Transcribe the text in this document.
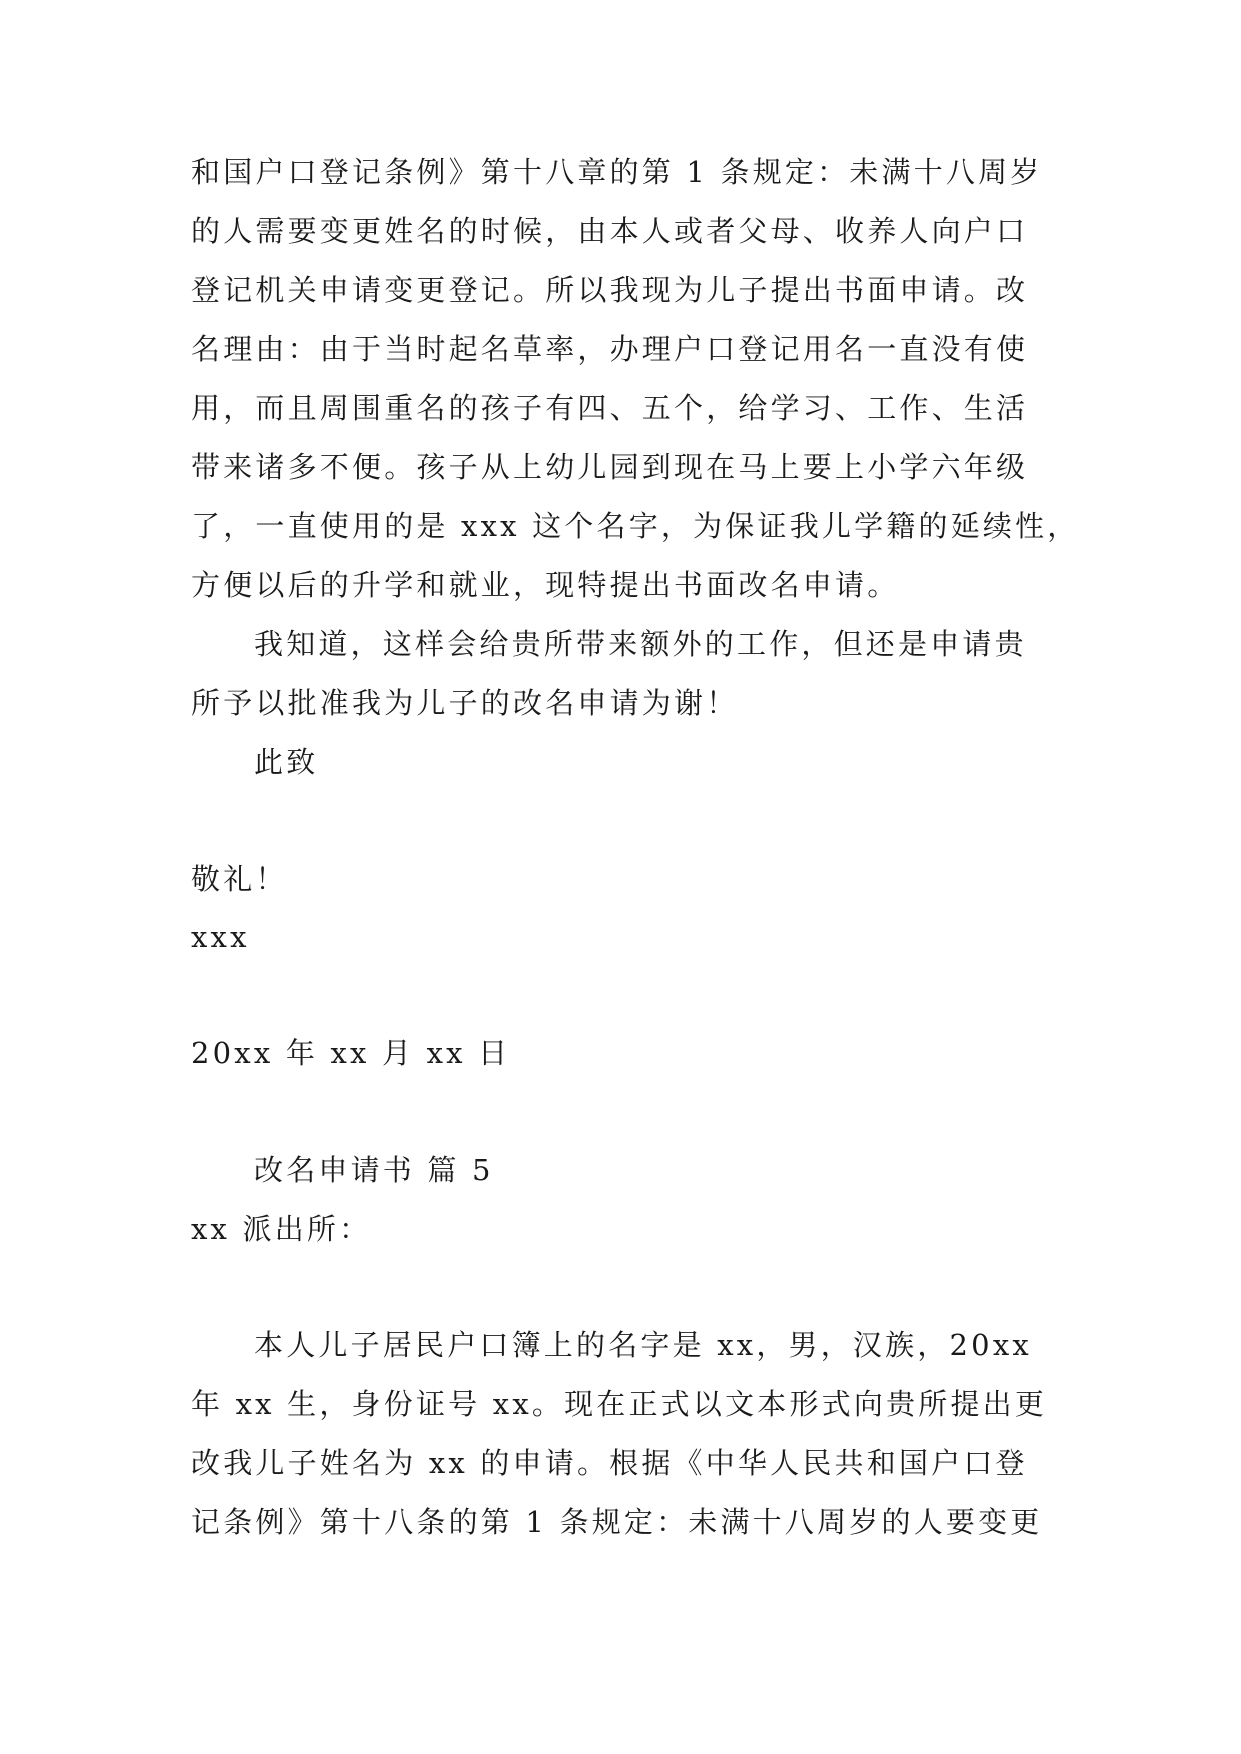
和国户口登记条例》第十八章的第 1 条规定：未满十八周岁
的人需要变更姓名的时候，由本人或者父母、收养人向户口
登记机关申请变更登记。所以我现为儿子提出书面申请。改
名理由：由于当时起名草率，办理户口登记用名一直没有使
用，而且周围重名的孩子有四、五个，给学习、工作、生活
带来诸多不便。孩子从上幼儿园到现在马上要上小学六年级
了，一直使用的是 xxx 这个名字，为保证我儿学籍的延续性，
方便以后的升学和就业，现特提出书面改名申请。
我知道，这样会给贵所带来额外的工作，但还是申请贵
所予以批准我为儿子的改名申请为谢！
此致
敬礼！
xxx
20xx 年 xx 月 xx 日
改名申请书 篇 5
xx 派出所：
本人儿子居民户口簿上的名字是 xx，男，汉族，20xx
年 xx 生，身份证号 xx。现在正式以文本形式向贵所提出更
改我儿子姓名为 xx 的申请。根据《中华人民共和国户口登
记条例》第十八条的第 1 条规定：未满十八周岁的人要变更
